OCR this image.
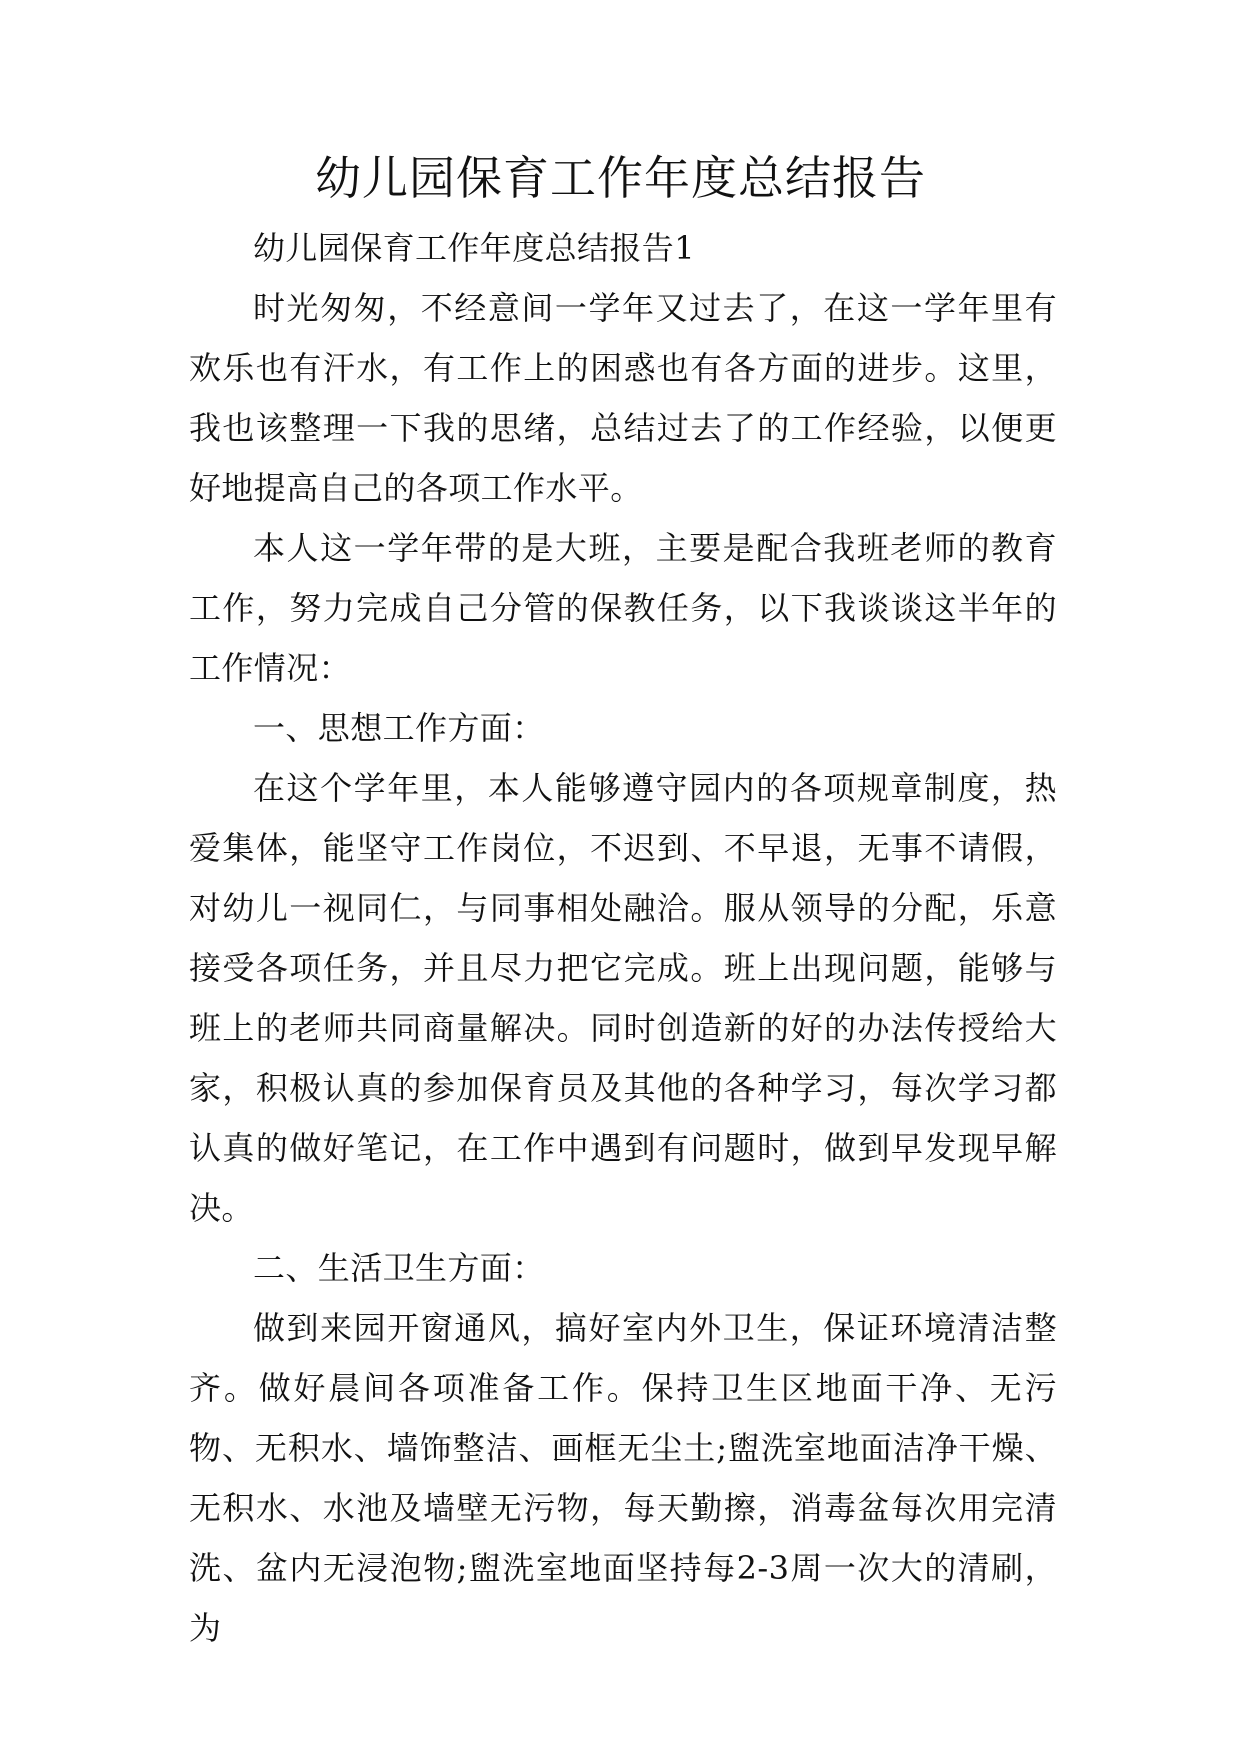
幼儿园保育工作年度总结报告

幼儿园保育工作年度总结报告1

时光匆匆，不经意间一学年又过去了，在这一学年里有欢乐也有汗水，有工作上的困惑也有各方面的进步。这里，我也该整理一下我的思绪，总结过去了的工作经验，以便更好地提高自己的各项工作水平。

本人这一学年带的是大班，主要是配合我班老师的教育工作，努力完成自己分管的保教任务，以下我谈谈这半年的工作情况：

一、思想工作方面：

在这个学年里，本人能够遵守园内的各项规章制度，热爱集体，能坚守工作岗位，不迟到、不早退，无事不请假，对幼儿一视同仁，与同事相处融洽。服从领导的分配，乐意接受各项任务，并且尽力把它完成。班上出现问题，能够与班上的老师共同商量解决。同时创造新的好的办法传授给大家，积极认真的参加保育员及其他的各种学习，每次学习都认真的做好笔记，在工作中遇到有问题时，做到早发现早解决。

二、生活卫生方面：

做到来园开窗通风，搞好室内外卫生，保证环境清洁整齐。做好晨间各项准备工作。保持卫生区地面干净、无污物、无积水、墙饰整洁、画框无尘土;盥洗室地面洁净干燥、无积水、水池及墙壁无污物，每天勤擦，消毒盆每次用完清洗、盆内无浸泡物;盥洗室地面坚持每2-3周一次大的清刷，为
